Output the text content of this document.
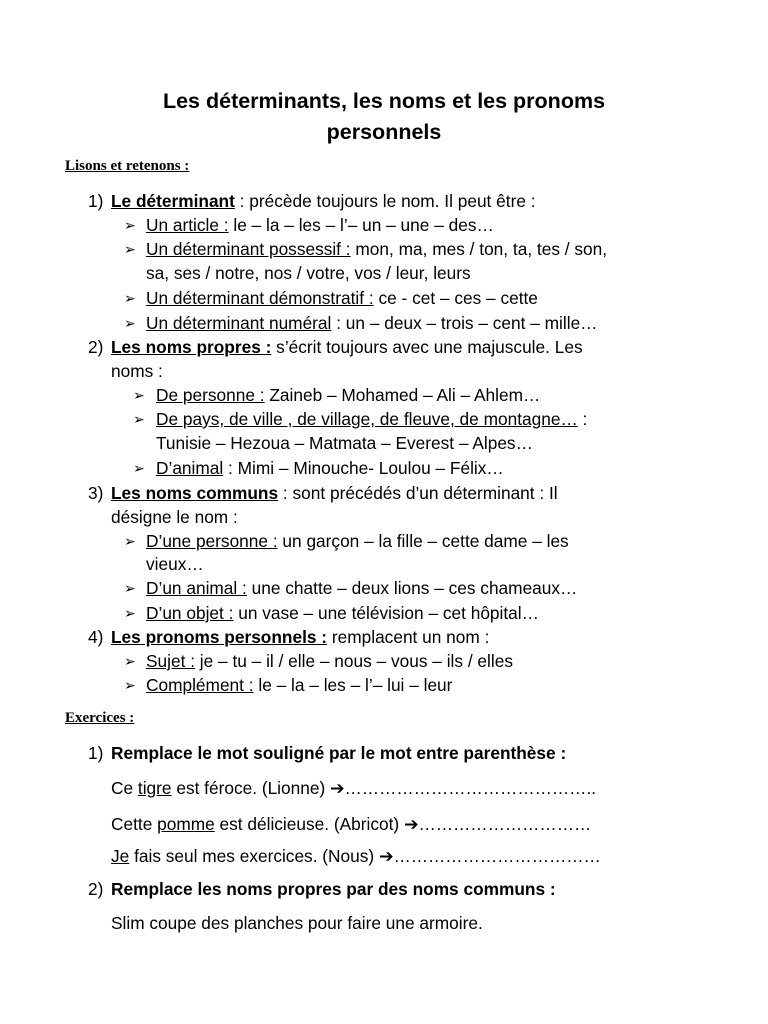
Les déterminants, les noms et les pronoms
personnels
Lisons et retenons :
1) Le déterminant : précède toujours le nom. Il peut être :
➢ Un article : le – la – les – l’– un – une – des…
➢ Un déterminant possessif : mon, ma, mes / ton, ta, tes / son,
sa, ses / notre, nos / votre, vos / leur, leurs
➢ Un déterminant démonstratif : ce - cet – ces – cette
➢ Un déterminant numéral : un – deux – trois – cent – mille…
2) Les noms propres : s’écrit toujours avec une majuscule. Les
noms :
➢ De personne : Zaineb – Mohamed – Ali – Ahlem…
➢ De pays, de ville , de village, de fleuve, de montagne… :
Tunisie – Hezoua – Matmata – Everest – Alpes…
➢ D’animal : Mimi – Minouche- Loulou – Félix…
3) Les noms communs : sont précédés d’un déterminant : Il
désigne le nom :
➢ D’une personne : un garçon – la fille – cette dame – les
vieux…
➢ D’un animal : une chatte – deux lions – ces chameaux…
➢ D’un objet : un vase – une télévision – cet hôpital…
4) Les pronoms personnels : remplacent un nom :
➢ Sujet : je – tu – il / elle – nous – vous – ils / elles
➢ Complément : le – la – les – l’– lui – leur
Exercices :
1) Remplace le mot souligné par le mot entre parenthèse :
Ce tigre est féroce. (Lionne) ➔……………………………………..
Cette pomme est délicieuse. (Abricot) ➔…………………………
Je fais seul mes exercices. (Nous) ➔………………………………
2) Remplace les noms propres par des noms communs :
Slim coupe des planches pour faire une armoire.
